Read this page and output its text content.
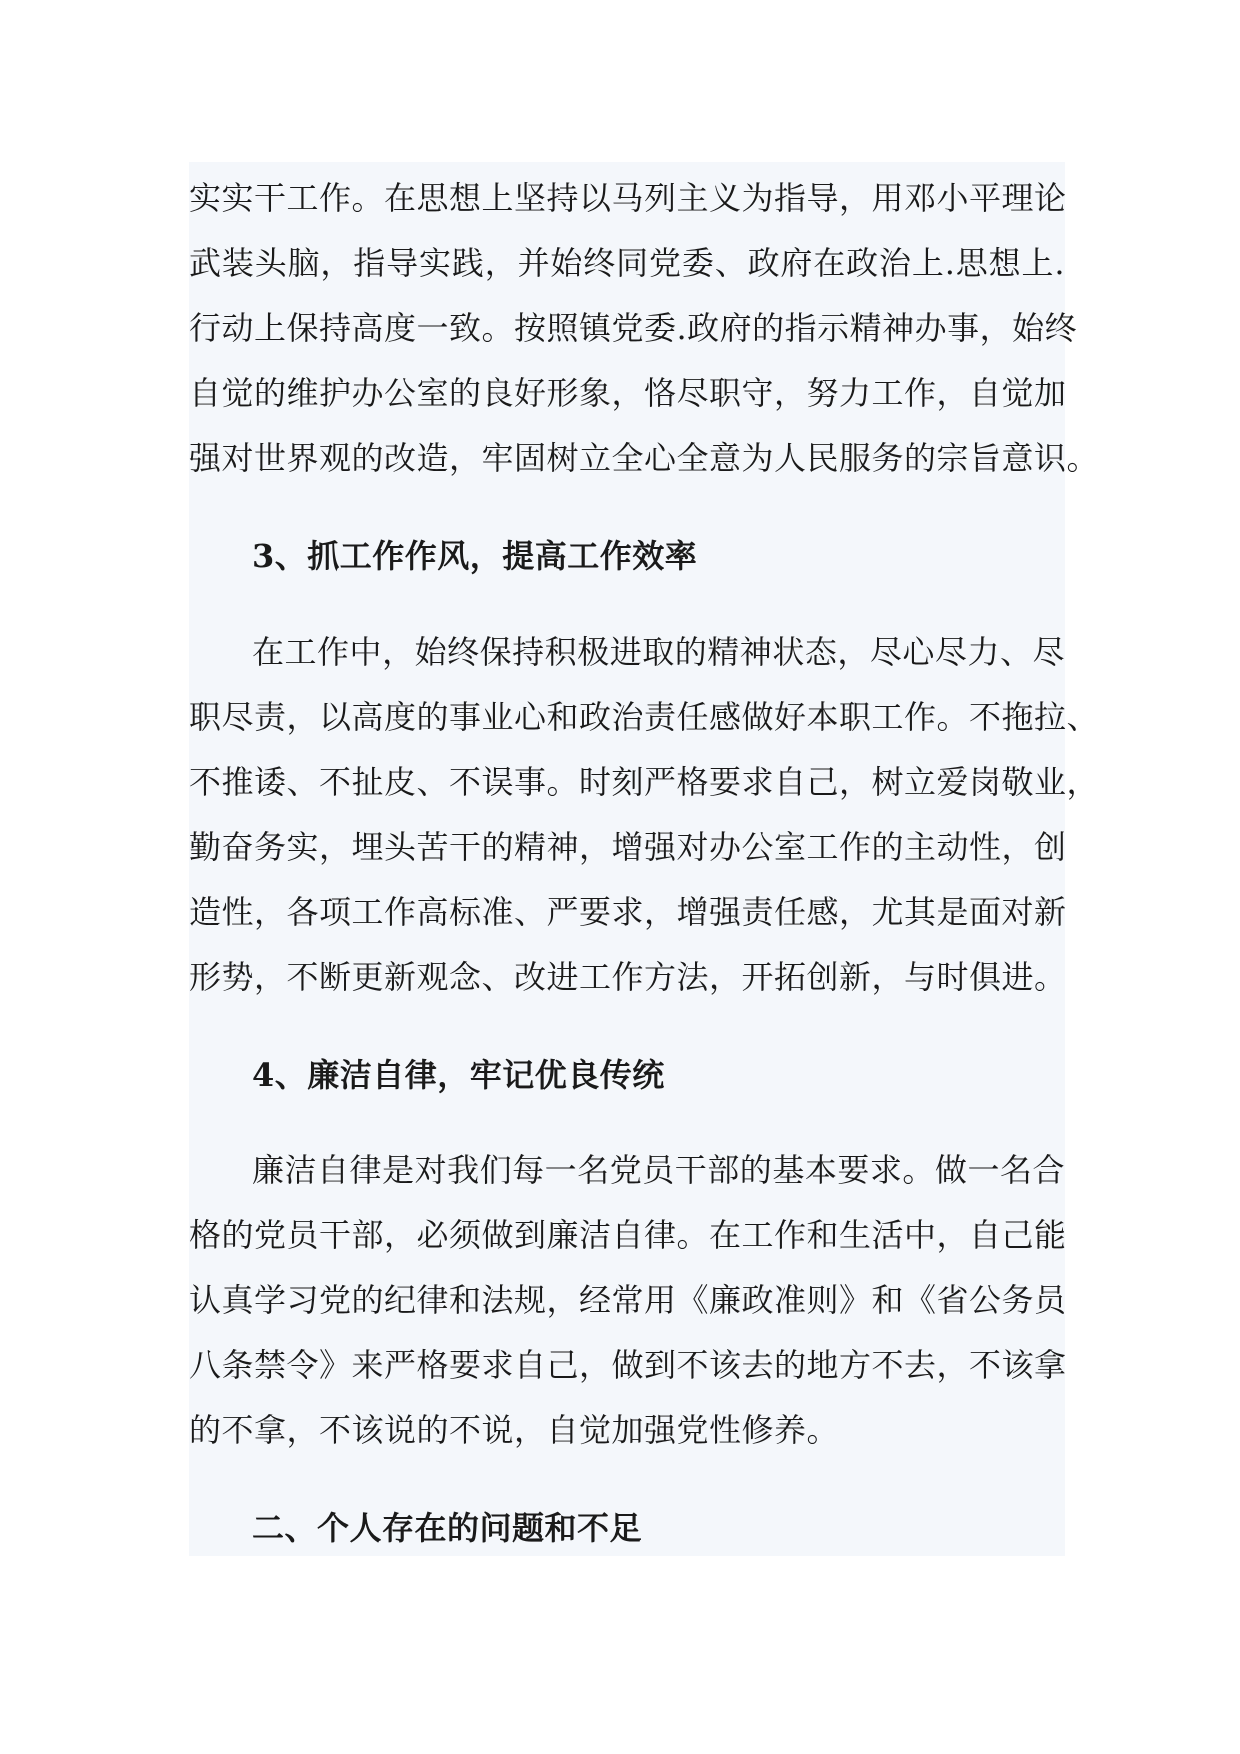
实实干工作。在思想上坚持以马列主义为指导，用邓小平理论
武装头脑，指导实践，并始终同党委、政府在政治上.思想上.
行动上保持高度一致。按照镇党委.政府的指示精神办事，始终
自觉的维护办公室的良好形象，恪尽职守，努力工作，自觉加
强对世界观的改造，牢固树立全心全意为人民服务的宗旨意识。
3、抓工作作风，提高工作效率
在工作中，始终保持积极进取的精神状态，尽心尽力、尽
职尽责，以高度的事业心和政治责任感做好本职工作。不拖拉、
不推诿、不扯皮、不误事。时刻严格要求自己，树立爱岗敬业，
勤奋务实，埋头苦干的精神，增强对办公室工作的主动性，创
造性，各项工作高标准、严要求，增强责任感，尤其是面对新
形势，不断更新观念、改进工作方法，开拓创新，与时俱进。
4、廉洁自律，牢记优良传统
廉洁自律是对我们每一名党员干部的基本要求。做一名合
格的党员干部，必须做到廉洁自律。在工作和生活中，自己能
认真学习党的纪律和法规，经常用《廉政准则》和《省公务员
八条禁令》来严格要求自己，做到不该去的地方不去，不该拿
的不拿，不该说的不说，自觉加强党性修养。
二、个人存在的问题和不足
